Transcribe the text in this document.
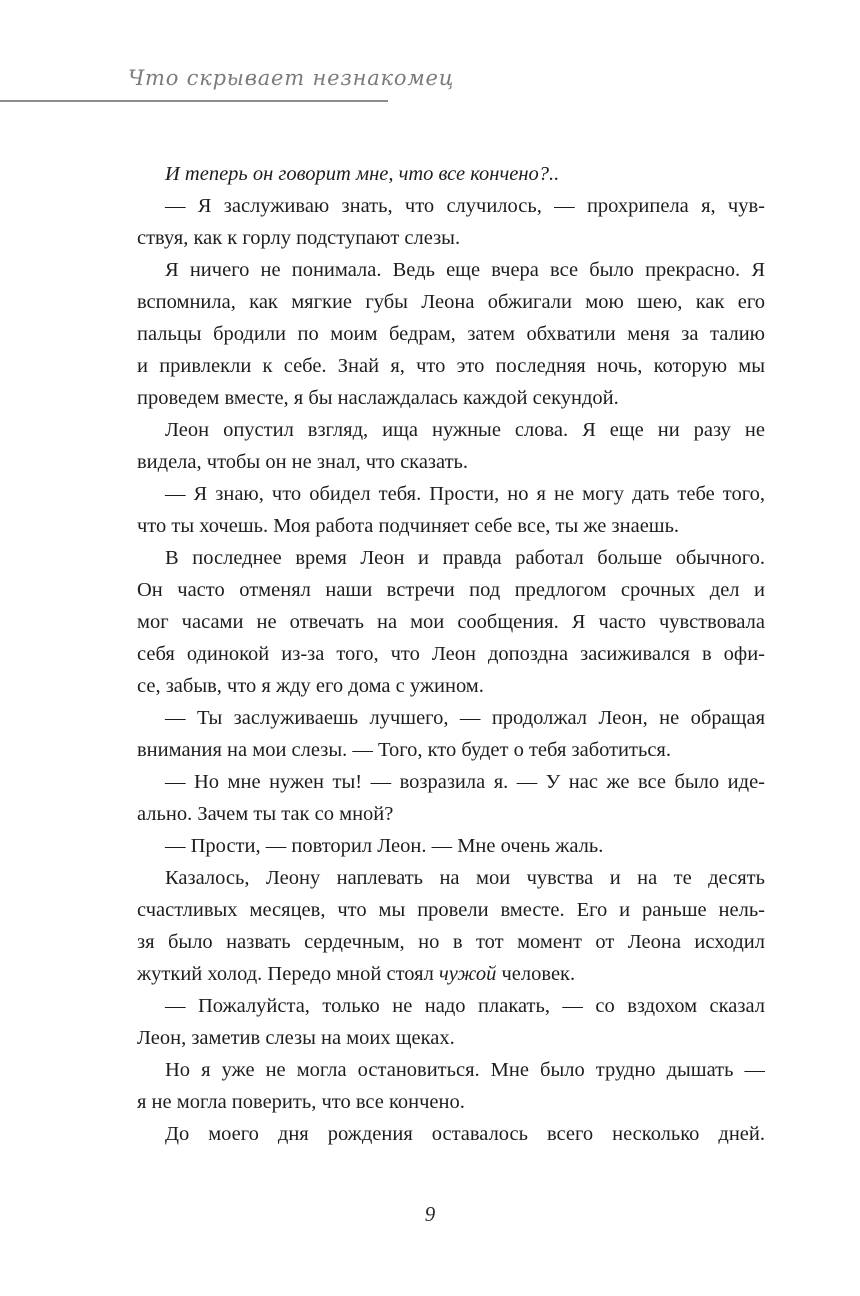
Что скрывает незнакомец
И теперь он говорит мне, что все кончено?..
— Я заслуживаю знать, что случилось, — прохрипела я, чув-
ствуя, как к горлу подступают слезы.
Я ничего не понимала. Ведь еще вчера все было прекрасно. Я
вспомнила, как мягкие губы Леона обжигали мою шею, как его
пальцы бродили по моим бедрам, затем обхватили меня за талию
и привлекли к себе. Знай я, что это последняя ночь, которую мы
проведем вместе, я бы наслаждалась каждой секундой.
Леон опустил взгляд, ища нужные слова. Я еще ни разу не
видела, чтобы он не знал, что сказать.
— Я знаю, что обидел тебя. Прости, но я не могу дать тебе того,
что ты хочешь. Моя работа подчиняет себе все, ты же знаешь.
В последнее время Леон и правда работал больше обычного.
Он часто отменял наши встречи под предлогом срочных дел и
мог часами не отвечать на мои сообщения. Я часто чувствовала
себя одинокой из-за того, что Леон допоздна засиживался в офи-
се, забыв, что я жду его дома с ужином.
— Ты заслуживаешь лучшего, — продолжал Леон, не обращая
внимания на мои слезы. — Того, кто будет о тебя заботиться.
— Но мне нужен ты! — возразила я. — У нас же все было иде-
ально. Зачем ты так со мной?
— Прости, — повторил Леон. — Мне очень жаль.
Казалось, Леону наплевать на мои чувства и на те десять
счастливых месяцев, что мы провели вместе. Его и раньше нель-
зя было назвать сердечным, но в тот момент от Леона исходил
жуткий холод. Передо мной стоял чужой человек.
— Пожалуйста, только не надо плакать, — со вздохом сказал
Леон, заметив слезы на моих щеках.
Но я уже не могла остановиться. Мне было трудно дышать —
я не могла поверить, что все кончено.
До моего дня рождения оставалось всего несколько дней.
9
